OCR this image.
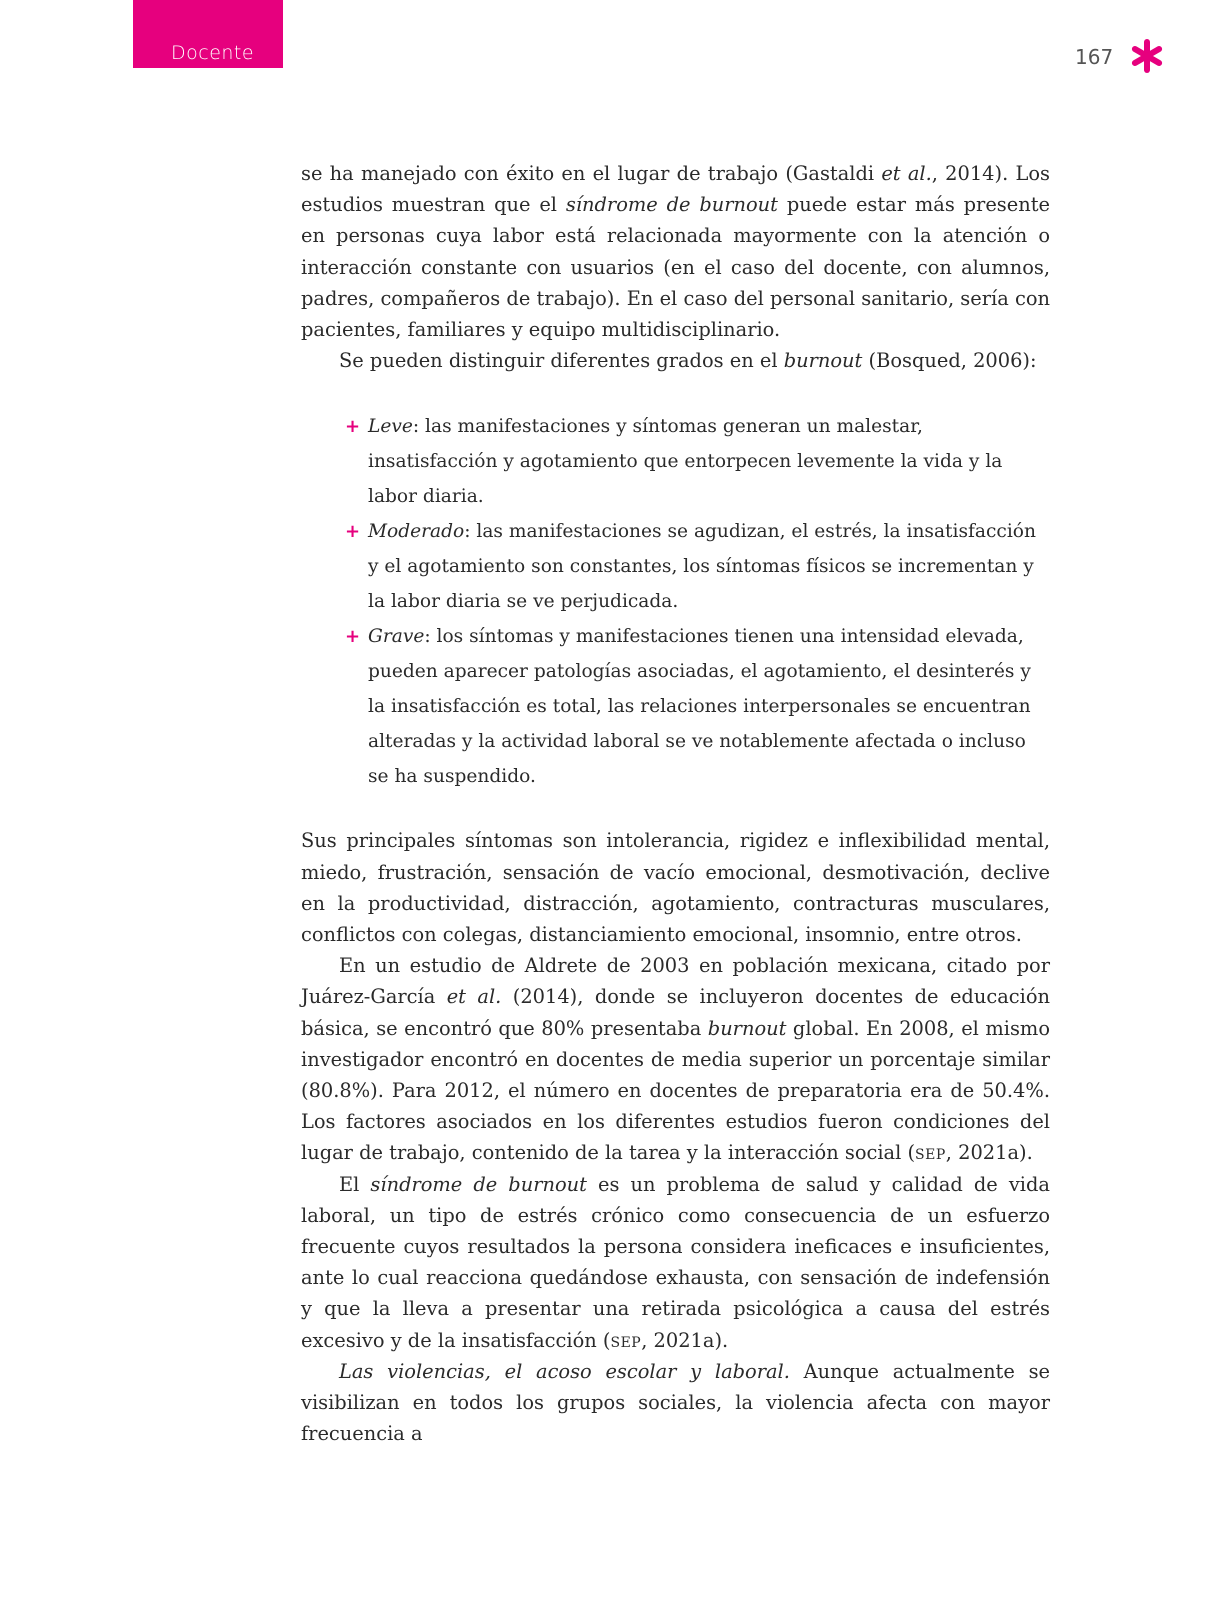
Docente	167

se ha manejado con éxito en el lugar de trabajo (Gastaldi et al., 2014). Los estudios muestran que el síndrome de burnout puede estar más presente en personas cuya labor está relacionada mayormente con la atención o interacción constante con usuarios (en el caso del docente, con alumnos, padres, compañeros de trabajo). En el caso del personal sanitario, sería con pacientes, familiares y equipo multidisciplinario.

Se pueden distinguir diferentes grados en el burnout (Bosqued, 2006):

+ Leve: las manifestaciones y síntomas generan un malestar, insatisfacción y agotamiento que entorpecen levemente la vida y la labor diaria.
+ Moderado: las manifestaciones se agudizan, el estrés, la insatisfacción y el agotamiento son constantes, los síntomas físicos se incrementan y la labor diaria se ve perjudicada.
+ Grave: los síntomas y manifestaciones tienen una intensidad elevada, pueden aparecer patologías asociadas, el agotamiento, el desinterés y la insatisfacción es total, las relaciones interpersonales se encuentran alteradas y la actividad laboral se ve notablemente afectada o incluso se ha suspendido.

Sus principales síntomas son intolerancia, rigidez e inflexibilidad mental, miedo, frustración, sensación de vacío emocional, desmotivación, declive en la productividad, distracción, agotamiento, contracturas musculares, conflictos con colegas, distanciamiento emocional, insomnio, entre otros.

En un estudio de Aldrete de 2003 en población mexicana, citado por Juárez-García et al. (2014), donde se incluyeron docentes de educación básica, se encontró que 80% presentaba burnout global. En 2008, el mismo investigador encontró en docentes de media superior un porcentaje similar (80.8%). Para 2012, el número en docentes de preparatoria era de 50.4%. Los factores asociados en los diferentes estudios fueron condiciones del lugar de trabajo, contenido de la tarea y la interacción social (sep, 2021a).

El síndrome de burnout es un problema de salud y calidad de vida laboral, un tipo de estrés crónico como consecuencia de un esfuerzo frecuente cuyos resultados la persona considera ineficaces e insuficientes, ante lo cual reacciona quedándose exhausta, con sensación de indefensión y que la lleva a presentar una retirada psicológica a causa del estrés excesivo y de la insatisfacción (sep, 2021a).

Las violencias, el acoso escolar y laboral. Aunque actualmente se visibilizan en todos los grupos sociales, la violencia afecta con mayor frecuencia a
